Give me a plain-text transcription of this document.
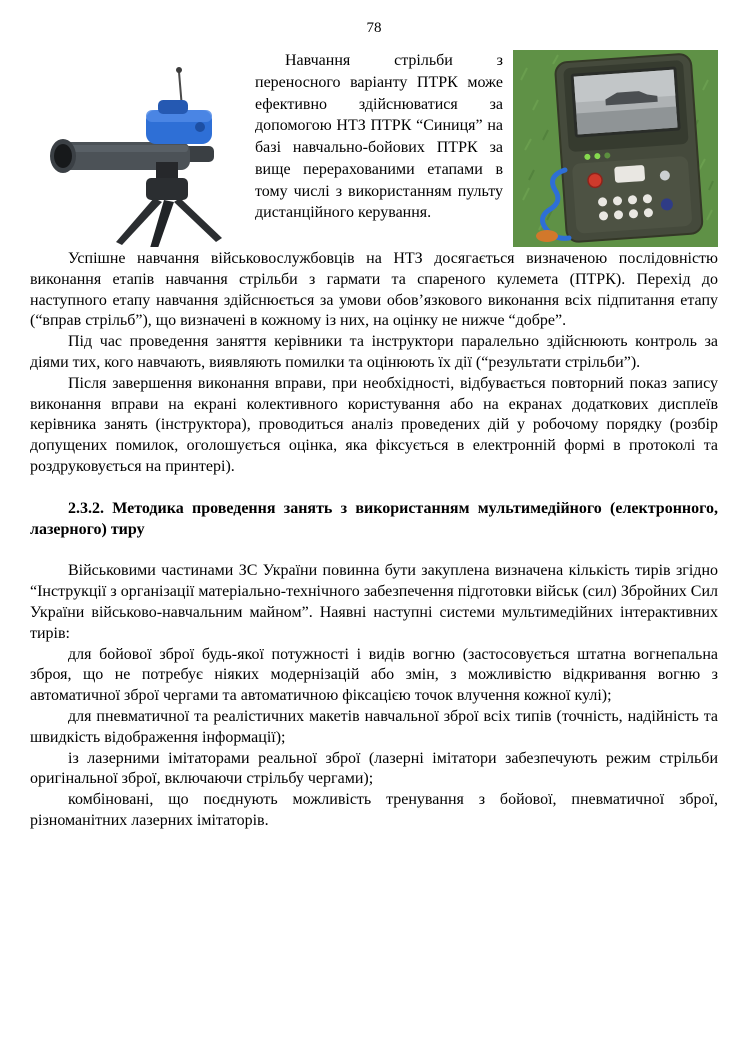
78

Навчання стрільби з переносного варіанту ПТРК може ефективно здійснюватися за допомогою НТЗ ПТРК “Синиця” на базі навчально-бойових ПТРК за вище перерахованими етапами в тому числі з використанням пульту дистанційного керування.

Успішне навчання військовослужбовців на НТЗ досягається визначеною послідовністю виконання етапів навчання стрільби з гармати та спареного кулемета (ПТРК). Перехід до наступного етапу навчання здійснюється за умови обов’язкового виконання всіх підпитання етапу (“вправ стрільб”), що визначені в кожному із них, на оцінку не нижче “добре”.

Під час проведення заняття керівники та інструктори паралельно здійснюють контроль за діями тих, кого навчають, виявляють помилки та оцінюють їх дії (“результати стрільби”).

Після завершення виконання вправи, при необхідності, відбувається повторний показ запису виконання вправи на екрані колективного користування або на екранах додаткових дисплеїв керівника занять (інструктора), проводиться аналіз проведених дій у робочому порядку (розбір допущених помилок, оголошується оцінка, яка фіксується в електронній формі в протоколі та роздруковується на принтері).

2.3.2. Методика проведення занять з використанням мультимедійного (електронного, лазерного) тиру

Військовими частинами ЗС України повинна бути закуплена визначена кількість тирів згідно “Інструкції з організації матеріально-технічного забезпечення підготовки військ (сил) Збройних Сил України військово-навчальним майном”. Наявні наступні системи мультимедійних інтерактивних тирів:

для бойової зброї будь-якої потужності і видів вогню (застосовується штатна вогнепальна зброя, що не потребує ніяких модернізацій або змін, з можливістю відкривання вогню з автоматичної зброї чергами та автоматичною фіксацією точок влучення кожної кулі);

для пневматичної та реалістичних макетів навчальної зброї всіх типів (точність, надійність та швидкість відображення інформації);

із лазерними імітаторами реальної зброї (лазерні імітатори забезпечують режим стрільби оригінальної зброї, включаючи стрільбу чергами);

комбіновані, що поєднують можливість тренування з бойової, пневматичної зброї, різноманітних лазерних імітаторів.
